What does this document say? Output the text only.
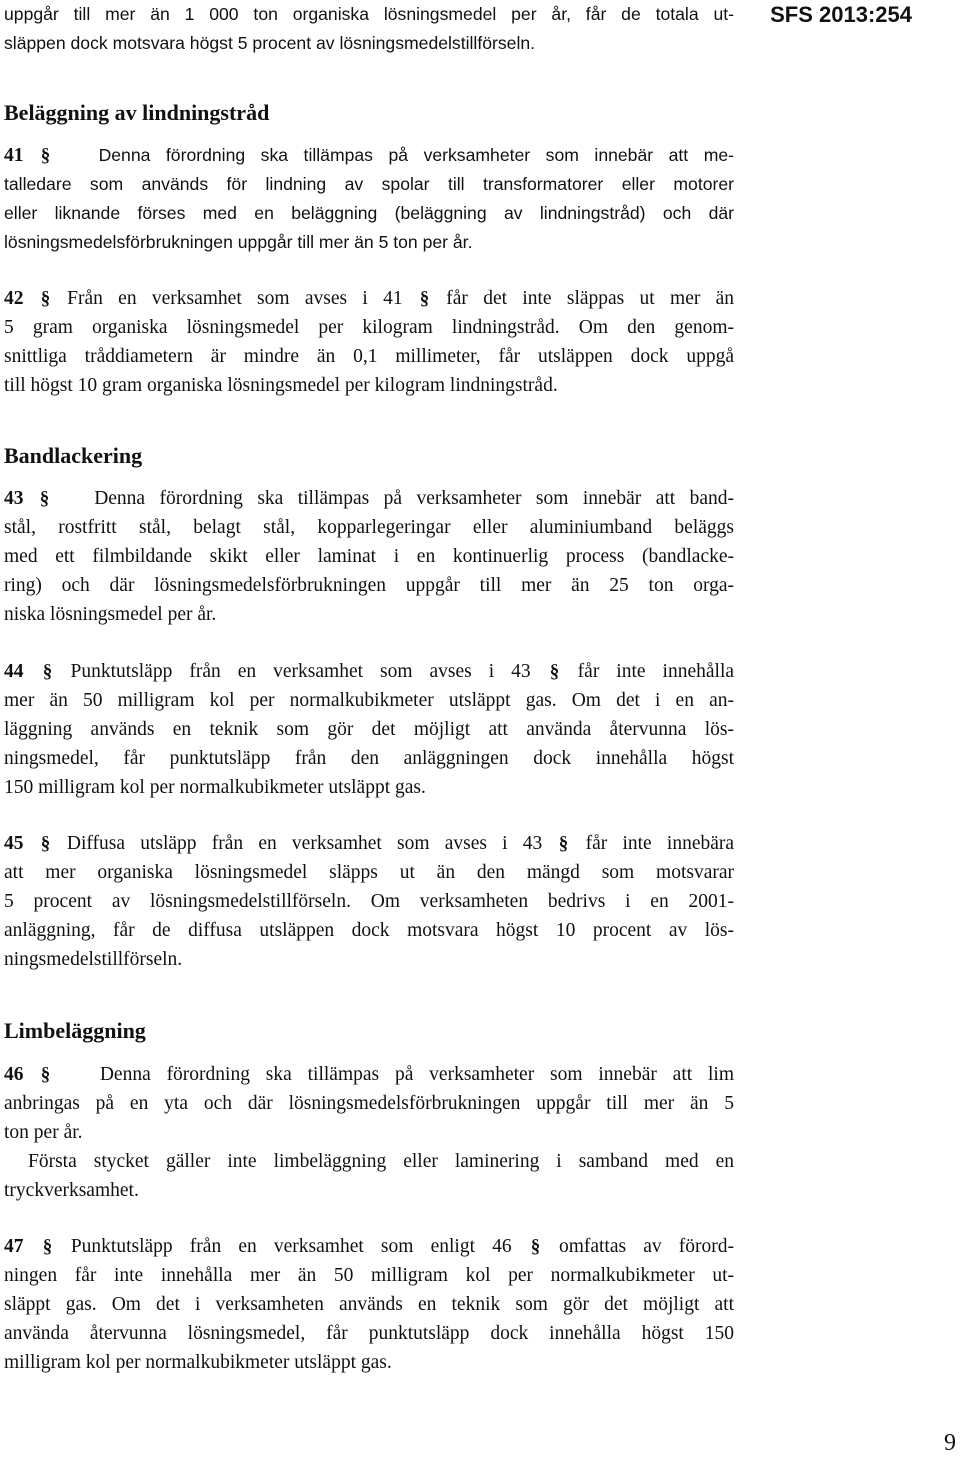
uppgår till mer än 1 000 ton organiska lösningsmedel per år, får de totala ut-
släppen dock motsvara högst 5 procent av lösningsmedelstillförseln.
SFS 2013:254
Beläggning av lindningstråd
41 §	Denna förordning ska tillämpas på verksamheter som innebär att me-
talledare som används för lindning av spolar till transformatorer eller motorer
eller liknande förses med en beläggning (beläggning av lindningstråd) och där
lösningsmedelsförbrukningen uppgår till mer än 5 ton per år.
42 § Från en verksamhet som avses i 41 § får det inte släppas ut mer än
5 gram organiska lösningsmedel per kilogram lindningstråd. Om den genom-
snittliga tråddiametern är mindre än 0,1 millimeter, får utsläppen dock uppgå
till högst 10 gram organiska lösningsmedel per kilogram lindningstråd.
Bandlackering
43 § Denna förordning ska tillämpas på verksamheter som innebär att band-
stål, rostfritt stål, belagt stål, kopparlegeringar eller aluminiumband beläggs
med ett filmbildande skikt eller laminat i en kontinuerlig process (bandlacke-
ring) och där lösningsmedelsförbrukningen uppgår till mer än 25 ton orga-
niska lösningsmedel per år.
44 § Punktutsläpp från en verksamhet som avses i 43 § får inte innehålla
mer än 50 milligram kol per normalkubikmeter utsläppt gas. Om det i en an-
läggning används en teknik som gör det möjligt att använda återvunna lös-
ningsmedel, får punktutsläpp från den anläggningen dock innehålla högst
150 milligram kol per normalkubikmeter utsläppt gas.
45 § Diffusa utsläpp från en verksamhet som avses i 43 § får inte innebära
att mer organiska lösningsmedel släpps ut än den mängd som motsvarar
5 procent av lösningsmedelstillförseln. Om verksamheten bedrivs i en 2001-
anläggning, får de diffusa utsläppen dock motsvara högst 10 procent av lös-
ningsmedelstillförseln.
Limbeläggning
46 §	Denna förordning ska tillämpas på verksamheter som innebär att lim
anbringas på en yta och där lösningsmedelsförbrukningen uppgår till mer än 5
ton per år.
Första stycket gäller inte limbeläggning eller laminering i samband med en
tryckverksamhet.
47 § Punktutsläpp från en verksamhet som enligt 46 § omfattas av förord-
ningen får inte innehålla mer än 50 milligram kol per normalkubikmeter ut-
släppt gas. Om det i verksamheten används en teknik som gör det möjligt att
använda återvunna lösningsmedel, får punktutsläpp dock innehålla högst 150
milligram kol per normalkubikmeter utsläppt gas.
9
